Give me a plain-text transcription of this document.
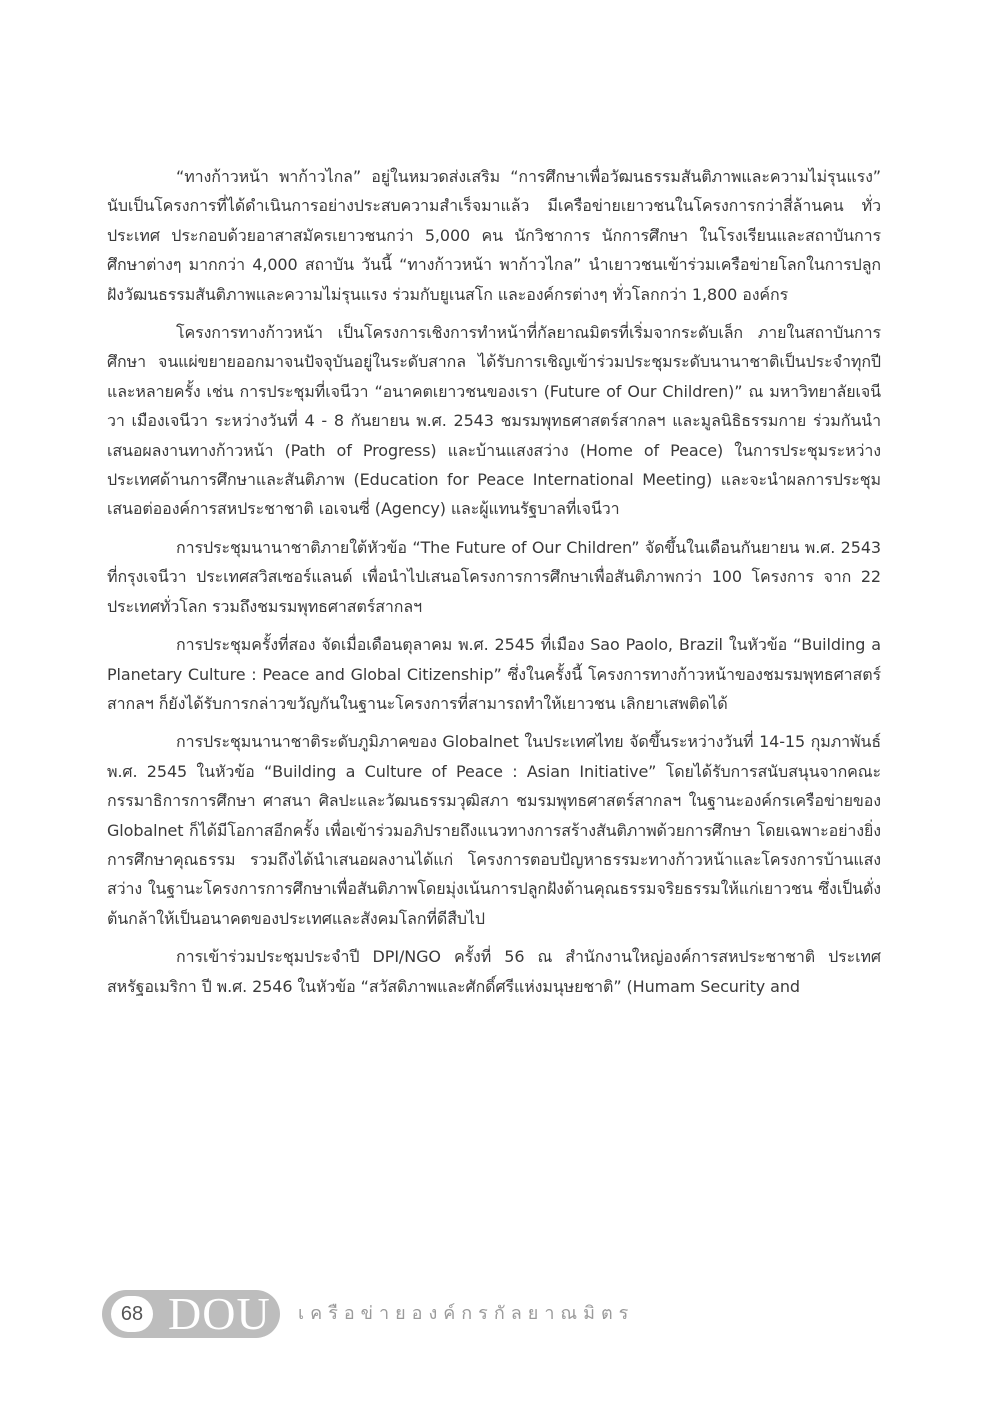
“ทางก้าวหน้า พาก้าวไกล” อยู่ในหมวดส่งเสริม “การศึกษาเพื่อวัฒนธรรมสันติภาพและความไม่รุนแรง” นับเป็นโครงการที่ได้ดำเนินการอย่างประสบความสำเร็จมาแล้ว มีเครือข่ายเยาวชนในโครงการกว่าสี่ล้านคน ทั่วประเทศ ประกอบด้วยอาสาสมัครเยาวชนกว่า 5,000 คน นักวิชาการ นักการศึกษา ในโรงเรียนและสถาบันการศึกษาต่างๆ มากกว่า 4,000 สถาบัน วันนี้ “ทางก้าวหน้า พาก้าวไกล” นำเยาวชนเข้าร่วมเครือข่ายโลกในการปลูกฝังวัฒนธรรมสันติภาพและความไม่รุนแรง ร่วมกับยูเนสโก และองค์กรต่างๆ ทั่วโลกกว่า 1,800 องค์กร

โครงการทางก้าวหน้า เป็นโครงการเชิงการทำหน้าที่กัลยาณมิตรที่เริ่มจากระดับเล็ก ภายในสถาบันการศึกษา จนแผ่ขยายออกมาจนปัจจุบันอยู่ในระดับสากล ได้รับการเชิญเข้าร่วมประชุมระดับนานาชาติเป็นประจำทุกปีและหลายครั้ง เช่น การประชุมที่เจนีวา “อนาคตเยาวชนของเรา (Future of Our Children)” ณ มหาวิทยาลัยเจนีวา เมืองเจนีวา ระหว่างวันที่ 4 - 8 กันยายน พ.ศ. 2543 ชมรมพุทธศาสตร์สากลฯ และมูลนิธิธรรมกาย ร่วมกันนำเสนอผลงานทางก้าวหน้า (Path of Progress) และบ้านแสงสว่าง (Home of Peace) ในการประชุมระหว่างประเทศด้านการศึกษาและสันติภาพ (Education for Peace International Meeting) และจะนำผลการประชุมเสนอต่อองค์การสหประชาชาติ เอเจนซี่ (Agency) และผู้แทนรัฐบาลที่เจนีวา

การประชุมนานาชาติภายใต้หัวข้อ “The Future of Our Children” จัดขึ้นในเดือนกันยายน พ.ศ. 2543 ที่กรุงเจนีวา ประเทศสวิสเซอร์แลนด์ เพื่อนำไปเสนอโครงการการศึกษาเพื่อสันติภาพกว่า 100 โครงการ จาก 22 ประเทศทั่วโลก รวมถึงชมรมพุทธศาสตร์สากลฯ

การประชุมครั้งที่สอง จัดเมื่อเดือนตุลาคม พ.ศ. 2545 ที่เมือง Sao Paolo, Brazil ในหัวข้อ “Building a Planetary Culture : Peace and Global Citizenship” ซึ่งในครั้งนี้ โครงการทางก้าวหน้าของชมรมพุทธศาสตร์สากลฯ ก็ยังได้รับการกล่าวขวัญกันในฐานะโครงการที่สามารถทำให้เยาวชน เลิกยาเสพติดได้

การประชุมนานาชาติระดับภูมิภาคของ Globalnet ในประเทศไทย จัดขึ้นระหว่างวันที่ 14-15 กุมภาพันธ์ พ.ศ. 2545 ในหัวข้อ “Building a Culture of Peace : Asian Initiative” โดยได้รับการสนับสนุนจากคณะกรรมาธิการการศึกษา ศาสนา ศิลปะและวัฒนธรรมวุฒิสภา ชมรมพุทธศาสตร์สากลฯ ในฐานะองค์กรเครือข่ายของ Globalnet ก็ได้มีโอกาสอีกครั้ง เพื่อเข้าร่วมอภิปรายถึงแนวทางการสร้างสันติภาพด้วยการศึกษา โดยเฉพาะอย่างยิ่งการศึกษาคุณธรรม รวมถึงได้นำเสนอผลงานได้แก่ โครงการตอบปัญหาธรรมะทางก้าวหน้าและโครงการบ้านแสงสว่าง ในฐานะโครงการการศึกษาเพื่อสันติภาพโดยมุ่งเน้นการปลูกฝังด้านคุณธรรมจริยธรรมให้แก่เยาวชน ซึ่งเป็นดั่งต้นกล้าให้เป็นอนาคตของประเทศและสังคมโลกที่ดีสืบไป

การเข้าร่วมประชุมประจำปี DPI/NGO ครั้งที่ 56 ณ สำนักงานใหญ่องค์การสหประชาชาติ ประเทศสหรัฐอเมริกา ปี พ.ศ. 2546 ในหัวข้อ “สวัสดิภาพและศักดิ์ศรีแห่งมนุษยชาติ” (Humam Security and

68 DOU เครือข่ายองค์กรกัลยาณมิตร
